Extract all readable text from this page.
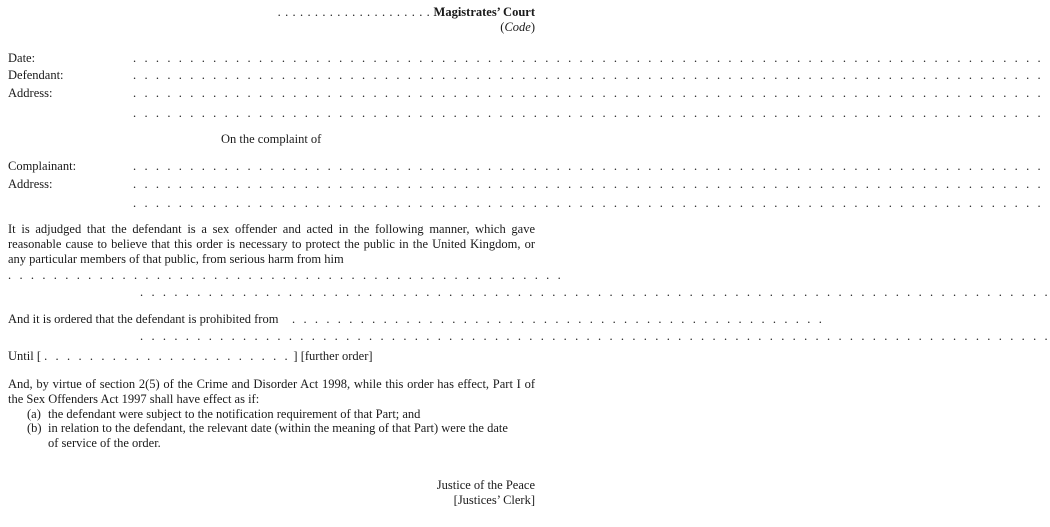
. . . . . . . . . . . . . . . . . . . . . Magistrates’ Court
(Code)
Date:	. . . . . . . . . . . . . . . . . . . . . . . . . . . . . . . . . . . . . . . . . . . . . . . . . . . . . . . . . . . . . . . . . . . . . . . . . . . . . . . .
Defendant:	. . . . . . . . . . . . . . . . . . . . . . . . . . . . . . . . . . . . . . . . . . . . . . . . . . . . . . . . . . . . . . . . . . . . . . . . . . . . . . . .
Address:	. . . . . . . . . . . . . . . . . . . . . . . . . . . . . . . . . . . . . . . . . . . . . . . . . . . . . . . . . . . . . . . . . . . . . . . . . . . . . . . .
. . . . . . . . . . . . . . . . . . . . . . . . . . . . . . . . . . . . . . . . . . . . . . . . . . . . . . . . . . . . . . . . . . . . . . . . . . . . . . . .
On the complaint of
Complainant:	. . . . . . . . . . . . . . . . . . . . . . . . . . . . . . . . . . . . . . . . . . . . . . . . . . . . . . . . . . . . . . . . . . . . . . . . . . . . . . . .
Address:	. . . . . . . . . . . . . . . . . . . . . . . . . . . . . . . . . . . . . . . . . . . . . . . . . . . . . . . . . . . . . . . . . . . . . . . . . . . . . . . .
. . . . . . . . . . . . . . . . . . . . . . . . . . . . . . . . . . . . . . . . . . . . . . . . . . . . . . . . . . . . . . . . . . . . . . . . . . . . . . . .
It is adjudged that the defendant is a sex offender and acted in the following manner, which gave reasonable cause to believe that this order is necessary to protect the public in the United Kingdom, or any particular members of that public, from serious harm from him
. . . . . . . . . . . . . . . . . . . . . . . . . . . . . . . . . . . . . . . . . . . . . . . . .
. . . . . . . . . . . . . . . . . . . . . . . . . . . . . . . . . . . . . . . . . . . . . . . . . . . . . . . . . . . . . . . . . . . . . . . . . . . . . . . .
And it is ordered that the defendant is prohibited from . . . . . . . . . . . . . . . . . . . . . . . . . . . . . . . . . . . . . . . . . . . . . . .
. . . . . . . . . . . . . . . . . . . . . . . . . . . . . . . . . . . . . . . . . . . . . . . . . . . . . . . . . . . . . . . . . . . . . . . . . . . . . . . .
Until [ . . . . . . . . . . . . . . . . . . . . . . ] [further order]
And, by virtue of section 2(5) of the Crime and Disorder Act 1998, while this order has effect, Part I of the Sex Offenders Act 1997 shall have effect as if:
(a) the defendant were subject to the notification requirement of that Part; and
(b) in relation to the defendant, the relevant date (within the meaning of that Part) were the date
of service of the order.
Justice of the Peace
[Justices’ Clerk]
